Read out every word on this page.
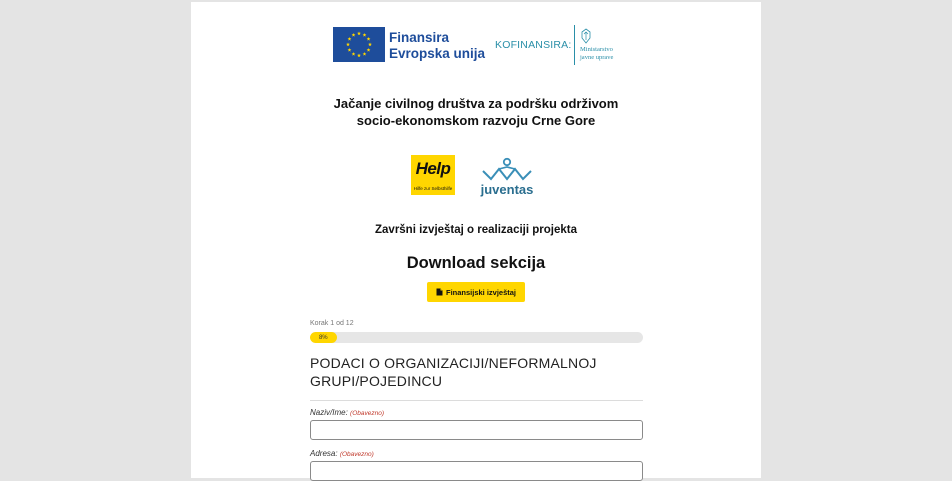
Finansira
Evropska unija
KOFINANSIRA: Ministarstvo
javne uprave
Jačanje civilnog društva za podršku održivom
socio-ekonomskom razvoju Crne Gore
Help
Hilfe zur Selbsthilfe juventas
Završni izvještaj o realizaciji projekta
Download sekcija
Finansijski izvještaj
Korak 1 od 12
8%
PODACI O ORGANIZACIJI/NEFORMALNOJ GRUPI/POJEDINCU
Naziv/Ime: (Obavezno)
Adresa: (Obavezno)
